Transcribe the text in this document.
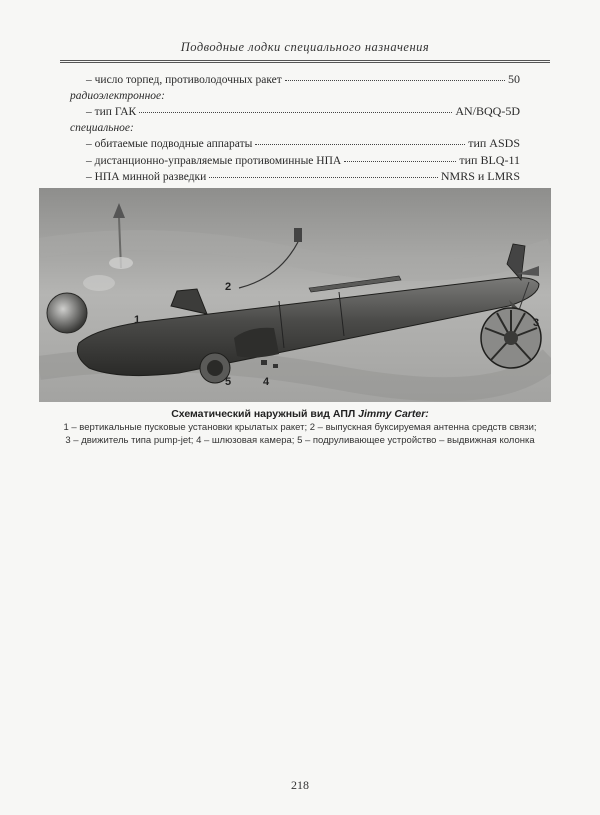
Подводные лодки специального назначения
– число торпед, противолодочных ракет	50
радиоэлектронное:
– тип ГАК	AN/BQQ-5D
специальное:
– обитаемые подводные аппараты	тип ASDS
– дистанционно-управляемые противоминные НПА	тип BLQ-11
– НПА минной разведки	NMRS и LMRS
1
2
3
4
5
Схематический наружный вид АПЛ Jimmy Carter:
1 – вертикальные пусковые установки крылатых ракет; 2 – выпускная буксируемая антенна средств связи;
3 – движитель типа pump-jet; 4 – шлюзовая камера; 5 – подруливающее устройство – выдвижная колонка
218
